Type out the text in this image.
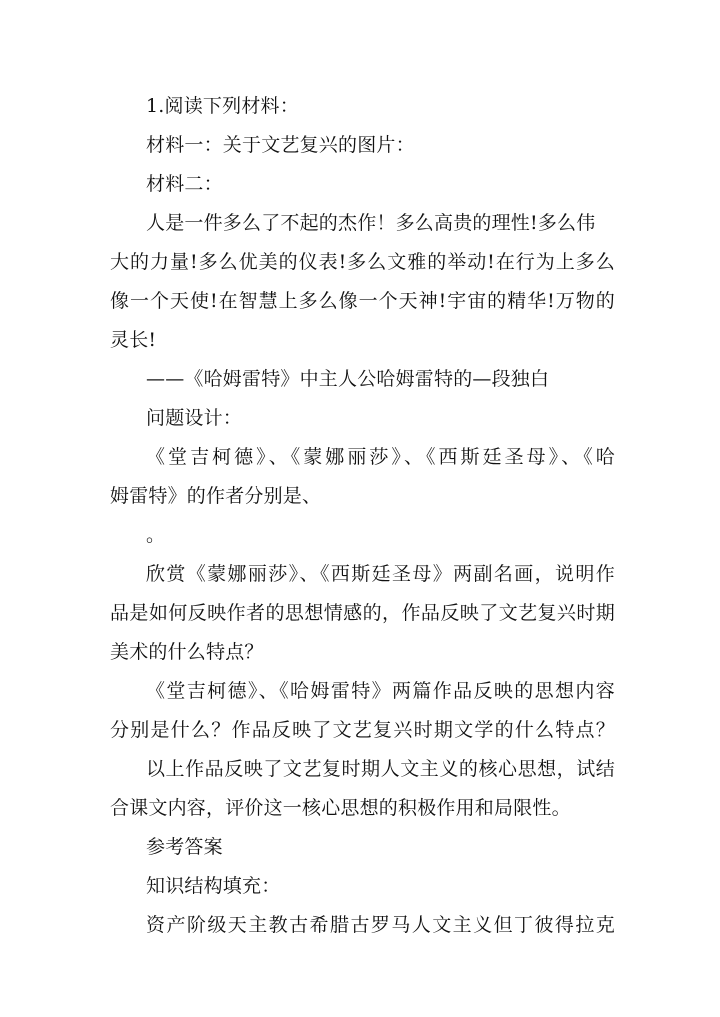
1.阅读下列材料：
材料一：关于文艺复兴的图片：
材料二：
人是一件多么了不起的杰作！多么高贵的理性!多么伟
大的力量!多么优美的仪表!多么文雅的举动!在行为上多么
像一个天使!在智慧上多么像一个天神!宇宙的精华!万物的
灵长!
——《哈姆雷特》中主人公哈姆雷特的—段独白
问题设计：
《堂吉柯德》、《蒙娜丽莎》、《西斯廷圣母》、《哈
姆雷特》的作者分别是、
。
欣赏《蒙娜丽莎》、《西斯廷圣母》两副名画，说明作
品是如何反映作者的思想情感的，作品反映了文艺复兴时期
美术的什么特点？
《堂吉柯德》、《哈姆雷特》两篇作品反映的思想内容
分别是什么？作品反映了文艺复兴时期文学的什么特点？
以上作品反映了文艺复时期人文主义的核心思想，试结
合课文内容，评价这一核心思想的积极作用和局限性。
参考答案
知识结构填充：
资产阶级天主教古希腊古罗马人文主义但丁彼得拉克
